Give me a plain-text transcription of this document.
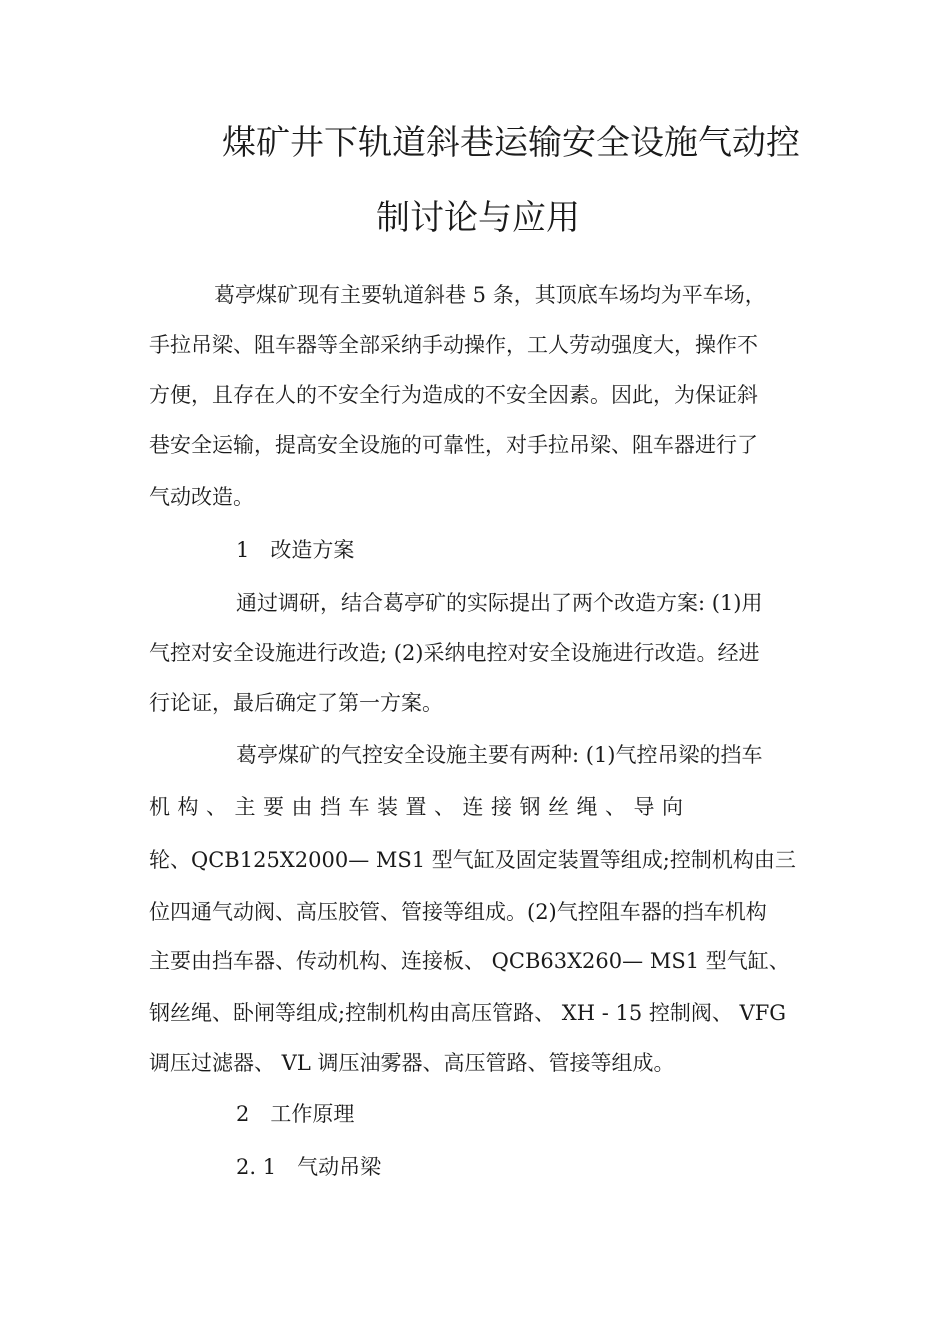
煤矿井下轨道斜巷运输安全设施气动控
制讨论与应用
葛亭煤矿现有主要轨道斜巷 5 条，其顶底车场均为平车场，
手拉吊梁、阻车器等全部采纳手动操作，工人劳动强度大，操作不
方便，且存在人的不安全行为造成的不安全因素。因此，为保证斜
巷安全运输，提高安全设施的可靠性，对手拉吊梁、阻车器进行了
气动改造。
1　改造方案
通过调研，结合葛亭矿的实际提出了两个改造方案: (1)用
气控对安全设施进行改造; (2)采纳电控对安全设施进行改造。经进
行论证，最后确定了第一方案。
葛亭煤矿的气控安全设施主要有两种: (1)气控吊梁的挡车
机构、主要由挡车装置、连接钢丝绳、导向
轮、QCB125X2000— MS1 型气缸及固定装置等组成;控制机构由三
位四通气动阀、高压胶管、管接等组成。(2)气控阻车器的挡车机构
主要由挡车器、传动机构、连接板、 QCB63X260— MS1 型气缸、
钢丝绳、卧闸等组成;控制机构由高压管路、 XH - 15 控制阀、 VFG
调压过滤器、 VL 调压油雾器、高压管路、管接等组成。
2　工作原理
2. 1　气动吊梁
